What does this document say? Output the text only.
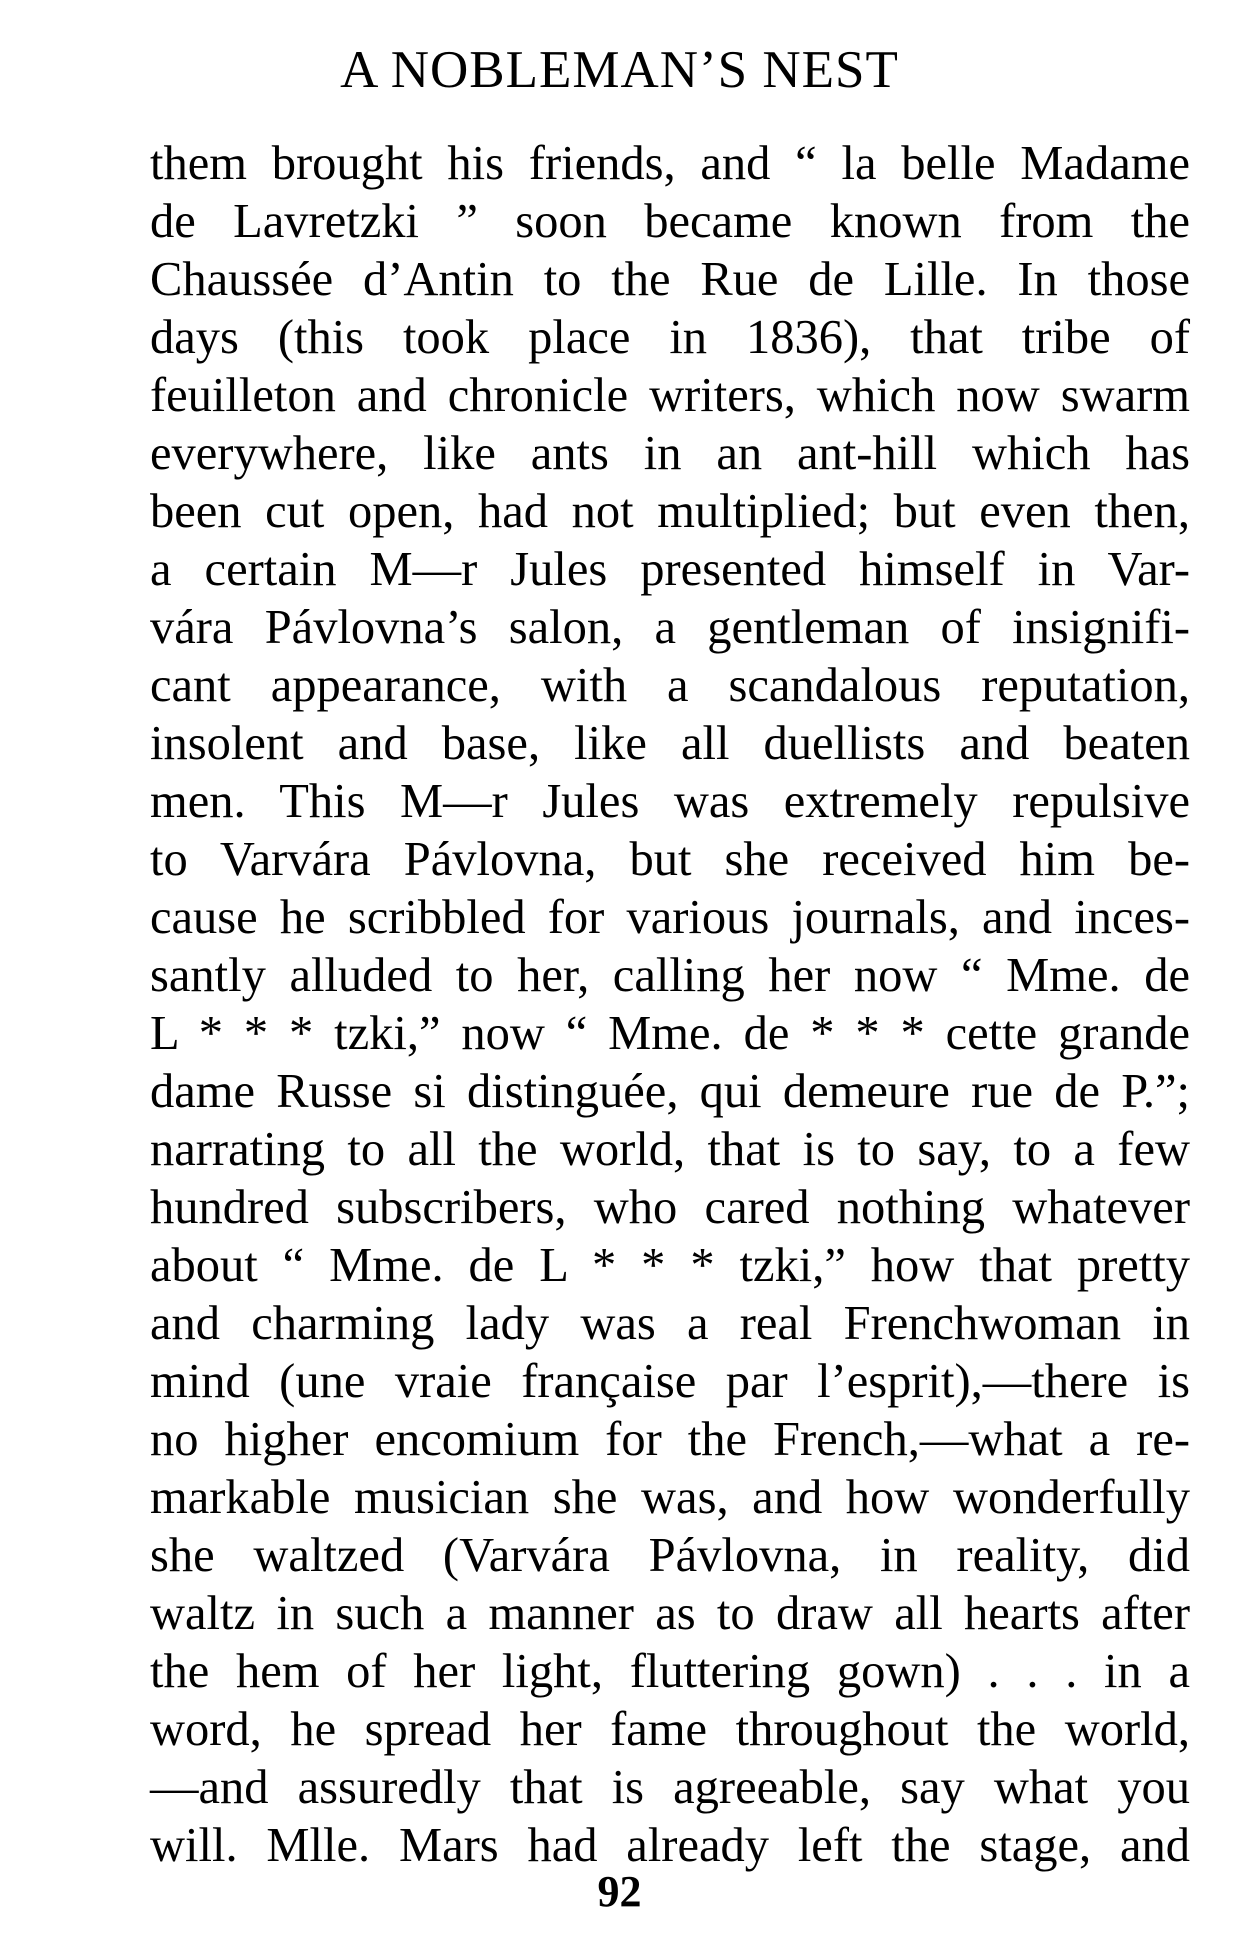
A NOBLEMAN’S NEST
them brought his friends, and “ la belle Madame
de Lavretzki ” soon became known from the
Chaussée d’Antin to the Rue de Lille. In those
days (this took place in 1836), that tribe of
feuilleton and chronicle writers, which now swarm
everywhere, like ants in an ant-hill which has
been cut open, had not multiplied; but even then,
a certain M—r Jules presented himself in Var-
vára Pávlovna’s salon, a gentleman of insignifi-
cant appearance, with a scandalous reputation,
insolent and base, like all duellists and beaten
men. This M—r Jules was extremely repulsive
to Varvára Pávlovna, but she received him be-
cause he scribbled for various journals, and inces-
santly alluded to her, calling her now “ Mme. de
L * * * tzki,” now “ Mme. de * * * cette grande
dame Russe si distinguée, qui demeure rue de P.”;
narrating to all the world, that is to say, to a few
hundred subscribers, who cared nothing whatever
about “ Mme. de L * * * tzki,” how that pretty
and charming lady was a real Frenchwoman in
mind (une vraie française par l’esprit),—there is
no higher encomium for the French,—what a re-
markable musician she was, and how wonderfully
she waltzed (Varvára Pávlovna, in reality, did
waltz in such a manner as to draw all hearts after
the hem of her light, fluttering gown) . . . in a
word, he spread her fame throughout the world,
—and assuredly that is agreeable, say what you
will. Mlle. Mars had already left the stage, and
92
